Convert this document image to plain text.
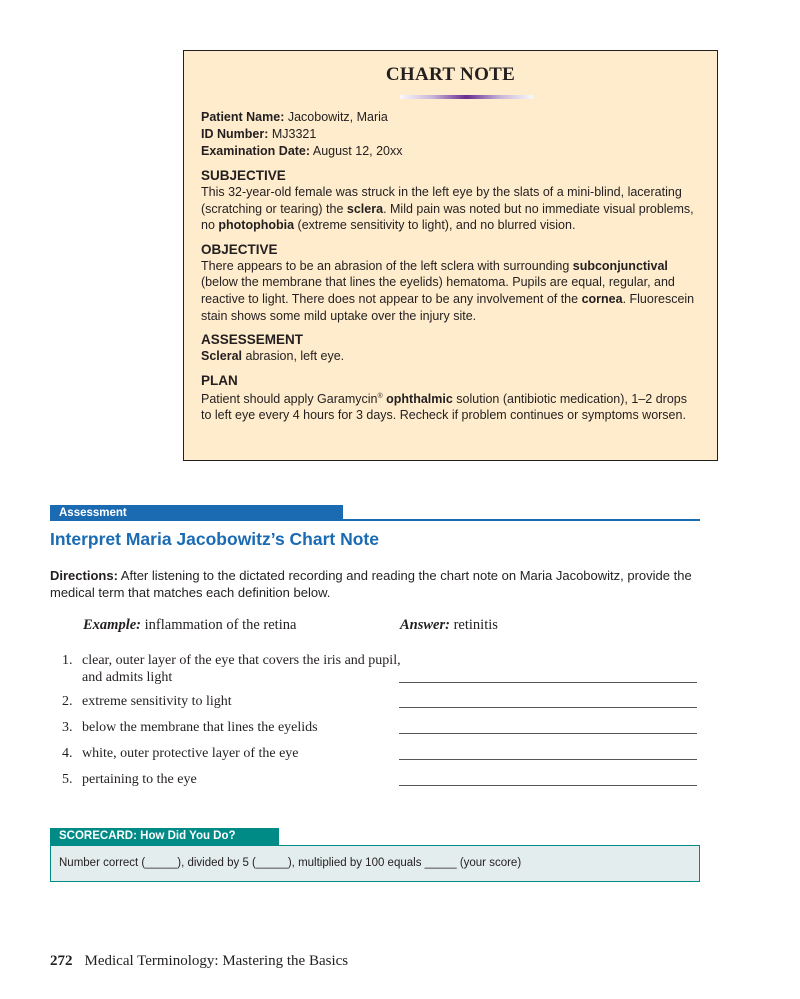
CHART NOTE
Patient Name: Jacobowitz, Maria
ID Number: MJ3321
Examination Date: August 12, 20xx
SUBJECTIVE
This 32-year-old female was struck in the left eye by the slats of a mini-blind, lacerating (scratching or tearing) the sclera. Mild pain was noted but no immediate visual problems, no photophobia (extreme sensitivity to light), and no blurred vision.
OBJECTIVE
There appears to be an abrasion of the left sclera with surrounding subconjunctival (below the membrane that lines the eyelids) hematoma. Pupils are equal, regular, and reactive to light. There does not appear to be any involvement of the cornea. Fluorescein stain shows some mild uptake over the injury site.
ASSESSEMENT
Scleral abrasion, left eye.
PLAN
Patient should apply Garamycin® ophthalmic solution (antibiotic medication), 1–2 drops to left eye every 4 hours for 3 days. Recheck if problem continues or symptoms worsen.
Assessment
Interpret Maria Jacobowitz’s Chart Note
Directions: After listening to the dictated recording and reading the chart note on Maria Jacobowitz, provide the medical term that matches each definition below.
Example: inflammation of the retina	Answer: retinitis
1. clear, outer layer of the eye that covers the iris and pupil, and admits light
2. extreme sensitivity to light
3. below the membrane that lines the eyelids
4. white, outer protective layer of the eye
5. pertaining to the eye
SCORECARD: How Did You Do?
Number correct (_____), divided by 5 (_____), multiplied by 100 equals _____ (your score)
272 Medical Terminology: Mastering the Basics
